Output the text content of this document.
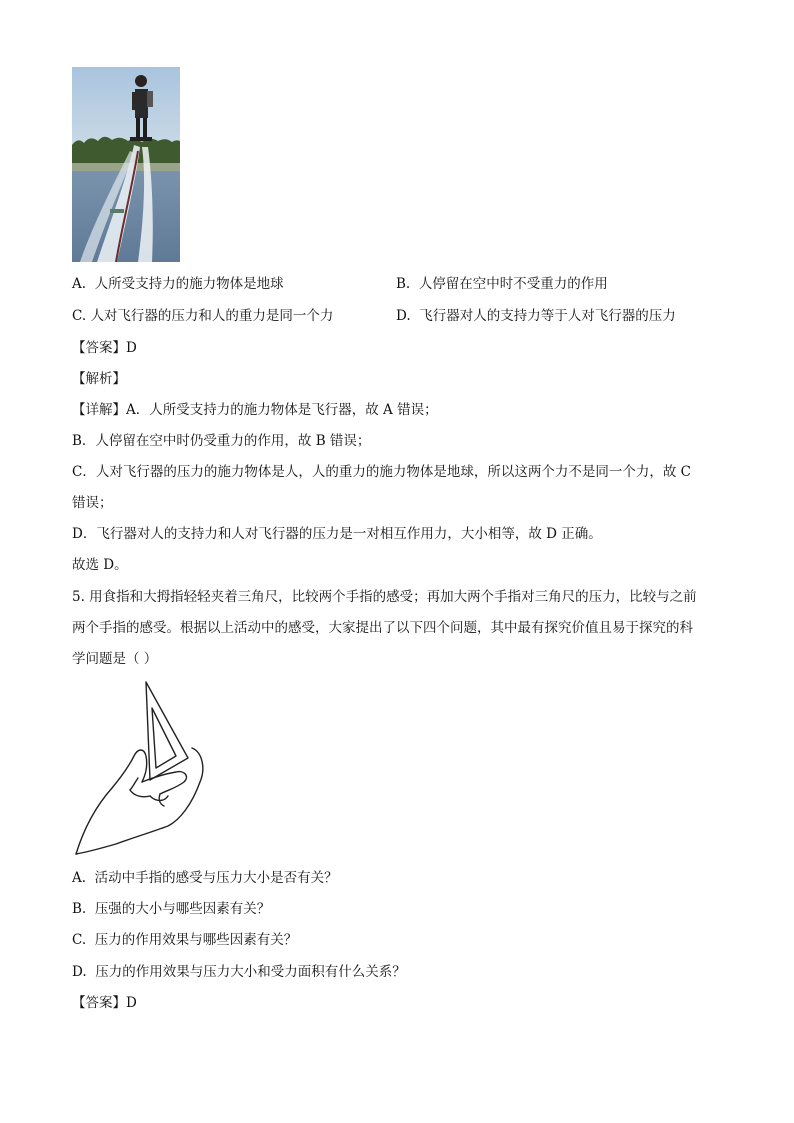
A. 人所受支持力的施力物体是地球	B. 人停留在空中时不受重力的作用
C. 人对飞行器的压力和人的重力是同一个力	D. 飞行器对人的支持力等于人对飞行器的压力
【答案】D
【解析】
【详解】A．人所受支持力的施力物体是飞行器，故 A 错误；
B．人停留在空中时仍受重力的作用，故 B 错误；
C．人对飞行器的压力的施力物体是人，人的重力的施力物体是地球，所以这两个力不是同一个力，故 C
错误；
D．飞行器对人的支持力和人对飞行器的压力是一对相互作用力，大小相等，故 D 正确。
故选 D。
5. 用食指和大拇指轻轻夹着三角尺，比较两个手指的感受；再加大两个手指对三角尺的压力，比较与之前
两个手指的感受。根据以上活动中的感受，大家提出了以下四个问题，其中最有探究价值且易于探究的科
学问题是（ ）
A. 活动中手指的感受与压力大小是否有关？
B. 压强的大小与哪些因素有关？
C. 压力的作用效果与哪些因素有关？
D. 压力的作用效果与压力大小和受力面积有什么关系？
【答案】D
